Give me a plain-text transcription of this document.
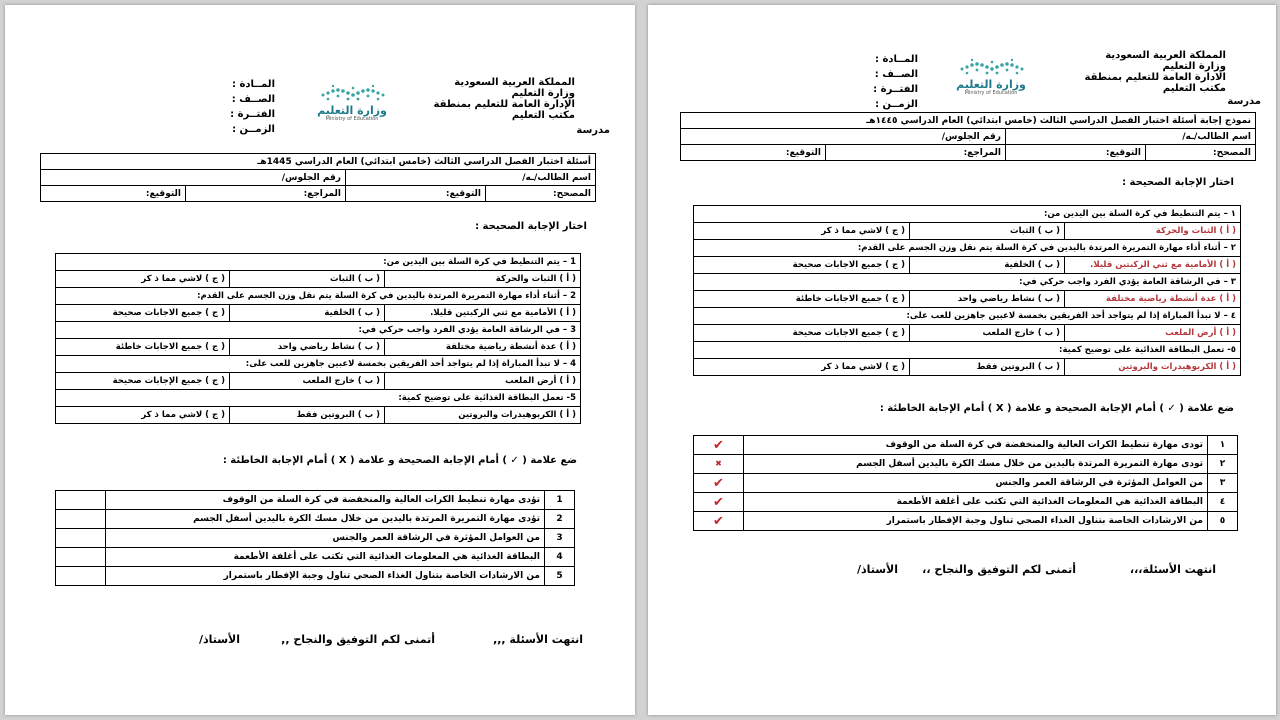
المملكة العربية السعودية
وزارة التعليم
الإدارة العامة للتعليم بمنطقة
مكتب التعليم
مدرسة
وزارة التعليم
Ministry of Education
المــادة :
الصــف :
الفتــرة :
الزمــن :
أسئلة اختبار الفصل الدراسي الثالث (خامس ابتدائي) العام الدراسي 1445هـ			
اسم الطالب/ـه/		رقم الجلوس/	
المصحح:	التوقيع:	المراجع:	التوقيع:
اختار الإجابة الصحيحة :
1 – يتم التنطيط في كرة السلة بين اليدين من:		
( أ ) الثبات والحركة	( ب ) الثبات	( ج ) لاشي مما ذ كر
2 – أثناء أداء مهارة التمريرة المرتدة باليدين في كرة السلة يتم نقل وزن الجسم على القدم:		
( أ ) الأمامية مع ثني الركبتين قليلا.	( ب ) الخلفية	( ج ) جميع الاجابات صحيحة
3 – في الرشاقة العامة يؤدي الفرد واجب حركي في:		
( أ ) عدة أنشطة رياضية مختلفة	( ب ) نشاط رياضي واحد	( ج ) جميع الاجابات خاطئة
4 – لا تبدأ المباراة إذا لم يتواجد أحد الفريقين بخمسة لاعبين جاهزين للعب على:		
( أ ) أرض الملعب	( ب ) خارج الملعب	( ج ) جميع الإجابات صحيحة
5- تعمل البطاقة الغذائية على توضيح كمية:		
( أ ) الكربوهيدرات والبروتين	( ب ) البروتين فقط	( ج ) لاشي مما ذ كر
ضع علامة ( ✓ ) أمام الإجابة الصحيحة و علامة ( X ) أمام الإجابة الخاطئة :
1	تؤدى مهارة تنطيط الكرات العالية والمنخفضة في كرة السلة من الوقوف	
2	تؤدى مهارة التمريرة المرتدة باليدين من خلال مسك الكرة باليدين أسفل الجسم	
3	من العوامل المؤثرة في الرشاقة العمر والجنس	
4	البطاقة الغذائية هي المعلومات الغذائية التي تكتب على أغلفة الأطعمة	
5	من الارشادات الخاصة بتناول الغذاء الصحي تناول وجبة الإفطار باستمرار	
انتهت الأسئلة ,,,
أتمنى لكم التوفيق والنجاح ,,
الأستاذ/
المملكة العربية السعودية
وزارة التعليم
الادارة العامة للتعليم بمنطقة
مكتب التعليم
مدرسة
وزارة التعليم
Ministry of Education
المــادة :
الصــف :
الفتــرة :
الزمــن :
نموذج إجابة أسئلة اختبار الفصل الدراسي الثالث (خامس ابتدائي) العام الدراسي ١٤٤٥هـ			
اسم الطالب/ـه/		رقم الجلوس/	
المصحح:	التوقيع:	المراجع:	التوقيع:
اختار الإجابة الصحيحة :
١ – يتم التنطيط في كرة السلة بين اليدين من:		
( أ ) الثبات والحركة	( ب ) الثبات	( ج ) لاشي مما ذ كر
٢ – أثناء أداء مهارة التمريرة المرتدة باليدين في كرة السلة يتم نقل وزن الجسم على القدم:		
( أ ) الأمامية مع ثني الركبتين قليلا.	( ب ) الخلفية	( ج ) جميع الاجابات صحيحة
٣ – في الرشاقة العامة يؤدي الفرد واجب حركي في:		
( أ ) عدة أنشطة رياضية مختلفة	( ب ) نشاط رياضي واحد	( ج ) جميع الاجابات خاطئة
٤ – لا تبدأ المباراة إذا لم يتواجد أحد الفريقين بخمسة لاعبين جاهزين للعب على:		
( أ ) أرض الملعب	( ب ) خارج الملعب	( ج ) جميع الاجابات صحيحة
٥- تعمل البطاقة الغذائية على توضيح كمية:		
( أ ) الكربوهيدرات والبروتين	( ب ) البروتين فقط	( ج ) لاشي مما ذ كر
ضع علامة ( ✓ ) أمام الإجابة الصحيحة و علامة ( X ) أمام الإجابة الخاطئة :
١	تودى مهارة تنطيط الكرات العالية والمنخفضة في كرة السلة من الوقوف	✔
٢	تودى مهارة التمريرة المرتدة باليدين من خلال مسك الكرة باليدين أسفل الجسم	✖
٣	من العوامل المؤثرة في الرشاقة العمر والجنس	✔
٤	البطاقة الغذائية هي المعلومات الغذائية التي تكتب على أغلفة الأطعمة	✔
٥	من الارشادات الخاصة بتناول الغذاء الصحي تناول وجبة الإفطار باستمرار	✔
انتهت الأسئلة،،،
أتمنى لكم التوفيق والنجاح ،،
الأستاذ/
